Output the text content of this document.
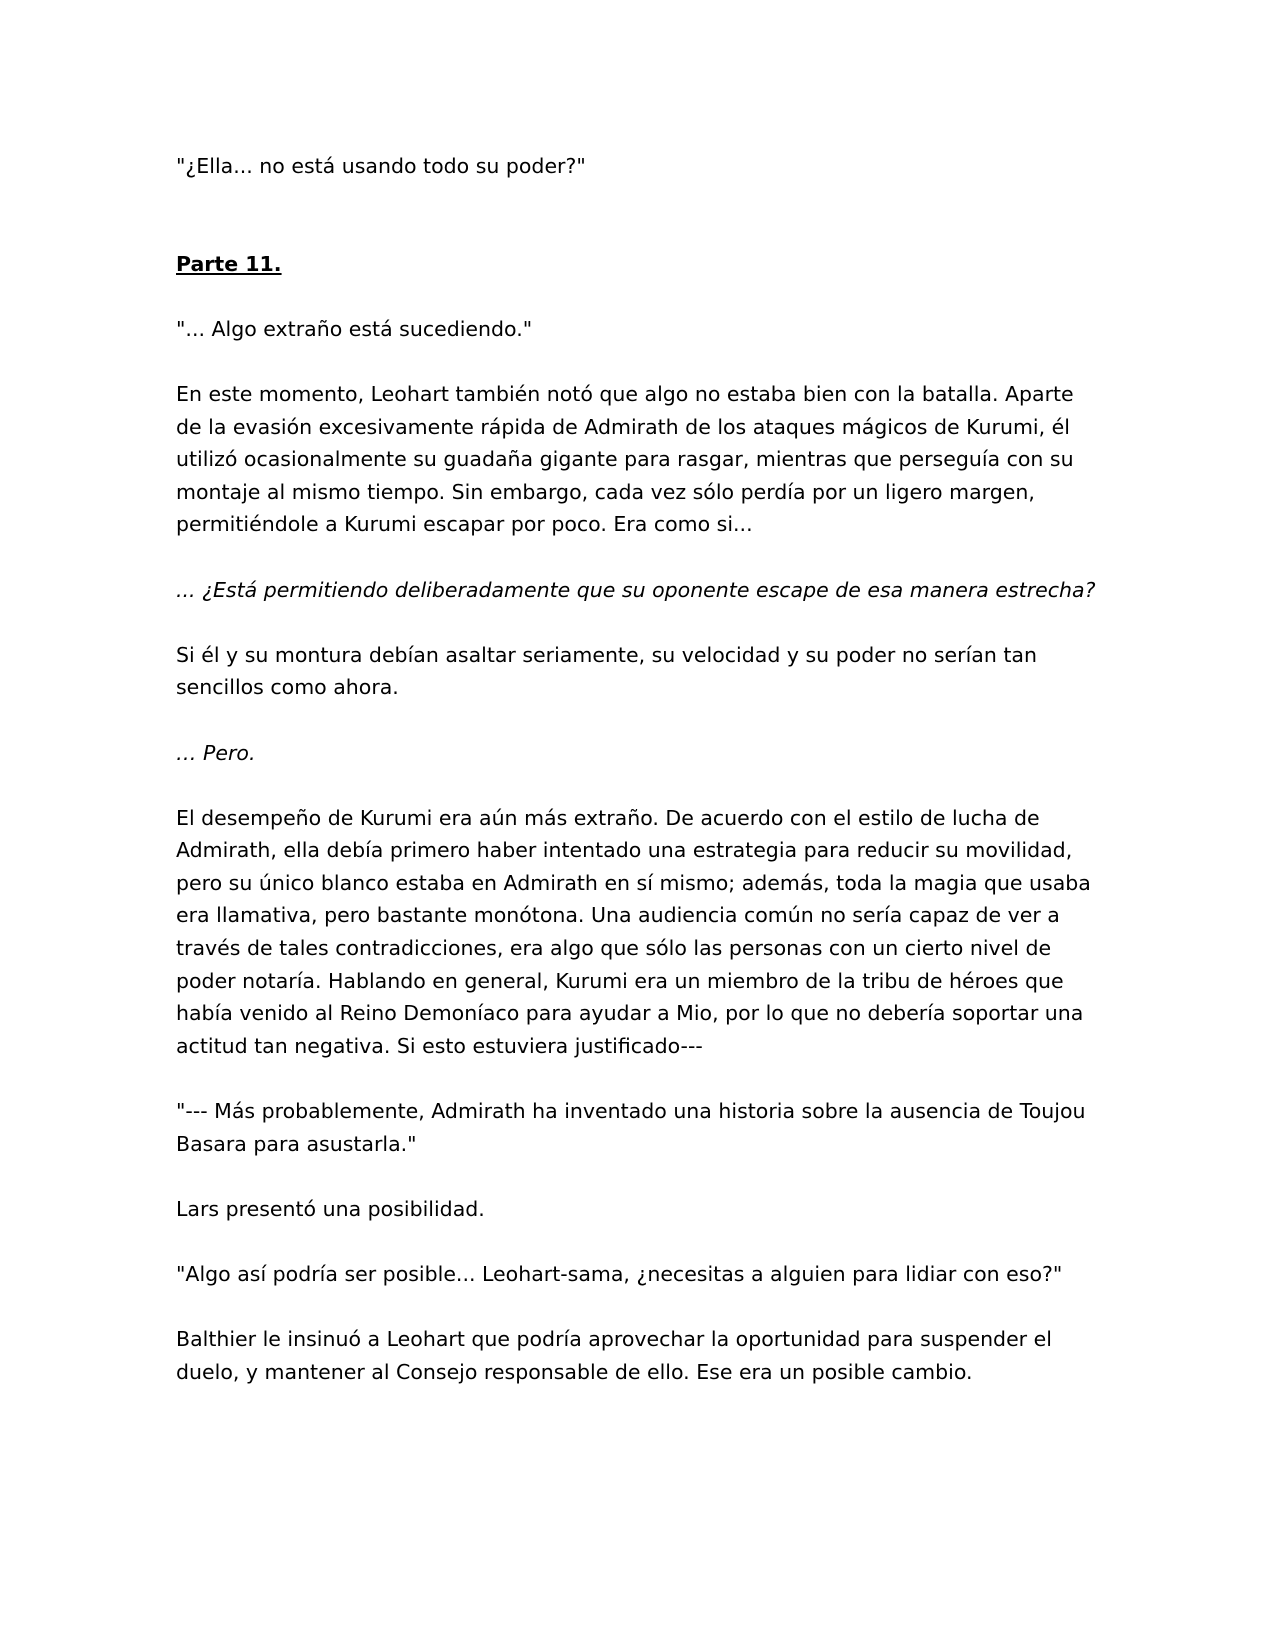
"¿Ella... no está usando todo su poder?"

Parte 11.

"... Algo extraño está sucediendo."

En este momento, Leohart también notó que algo no estaba bien con la batalla. Aparte de la evasión excesivamente rápida de Admirath de los ataques mágicos de Kurumi, él utilizó ocasionalmente su guadaña gigante para rasgar, mientras que perseguía con su montaje al mismo tiempo. Sin embargo, cada vez sólo perdía por un ligero margen, permitiéndole a Kurumi escapar por poco. Era como si...

... ¿Está permitiendo deliberadamente que su oponente escape de esa manera estrecha?

Si él y su montura debían asaltar seriamente, su velocidad y su poder no serían tan sencillos como ahora.

… Pero.

El desempeño de Kurumi era aún más extraño. De acuerdo con el estilo de lucha de Admirath, ella debía primero haber intentado una estrategia para reducir su movilidad, pero su único blanco estaba en Admirath en sí mismo; además, toda la magia que usaba era llamativa, pero bastante monótona. Una audiencia común no sería capaz de ver a través de tales contradicciones, era algo que sólo las personas con un cierto nivel de poder notaría. Hablando en general, Kurumi era un miembro de la tribu de héroes que había venido al Reino Demoníaco para ayudar a Mio, por lo que no debería soportar una actitud tan negativa. Si esto estuviera justificado---

"--- Más probablemente, Admirath ha inventado una historia sobre la ausencia de Toujou Basara para asustarla."

Lars presentó una posibilidad.

"Algo así podría ser posible... Leohart-sama, ¿necesitas a alguien para lidiar con eso?"

Balthier le insinuó a Leohart que podría aprovechar la oportunidad para suspender el duelo, y mantener al Consejo responsable de ello. Ese era un posible cambio.
